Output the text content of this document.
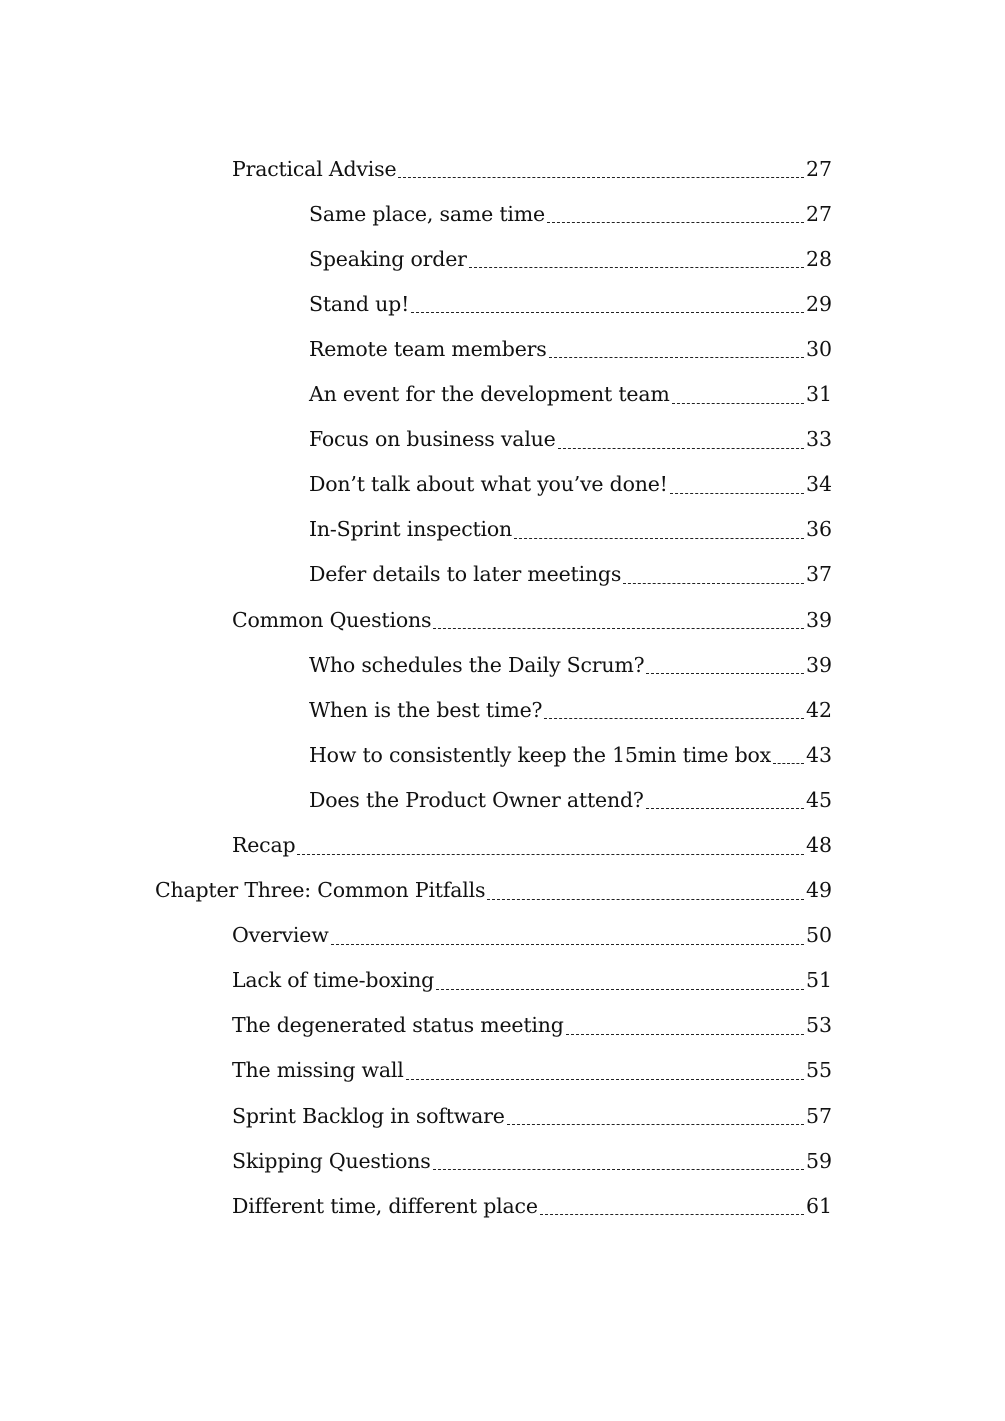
Practical Advise	27
Same place, same time	27
Speaking order	28
Stand up!	29
Remote team members	30
An event for the development team	31
Focus on business value	33
Don’t talk about what you’ve done!	34
In-Sprint inspection	36
Defer details to later meetings	37
Common Questions	39
Who schedules the Daily Scrum?	39
When is the best time?	42
How to consistently keep the 15min time box 43
Does the Product Owner attend?	45
Recap	48
Chapter Three: Common Pitfalls	49
Overview	50
Lack of time-boxing	51
The degenerated status meeting	53
The missing wall	55
Sprint Backlog in software	57
Skipping Questions	59
Different time, different place	61
